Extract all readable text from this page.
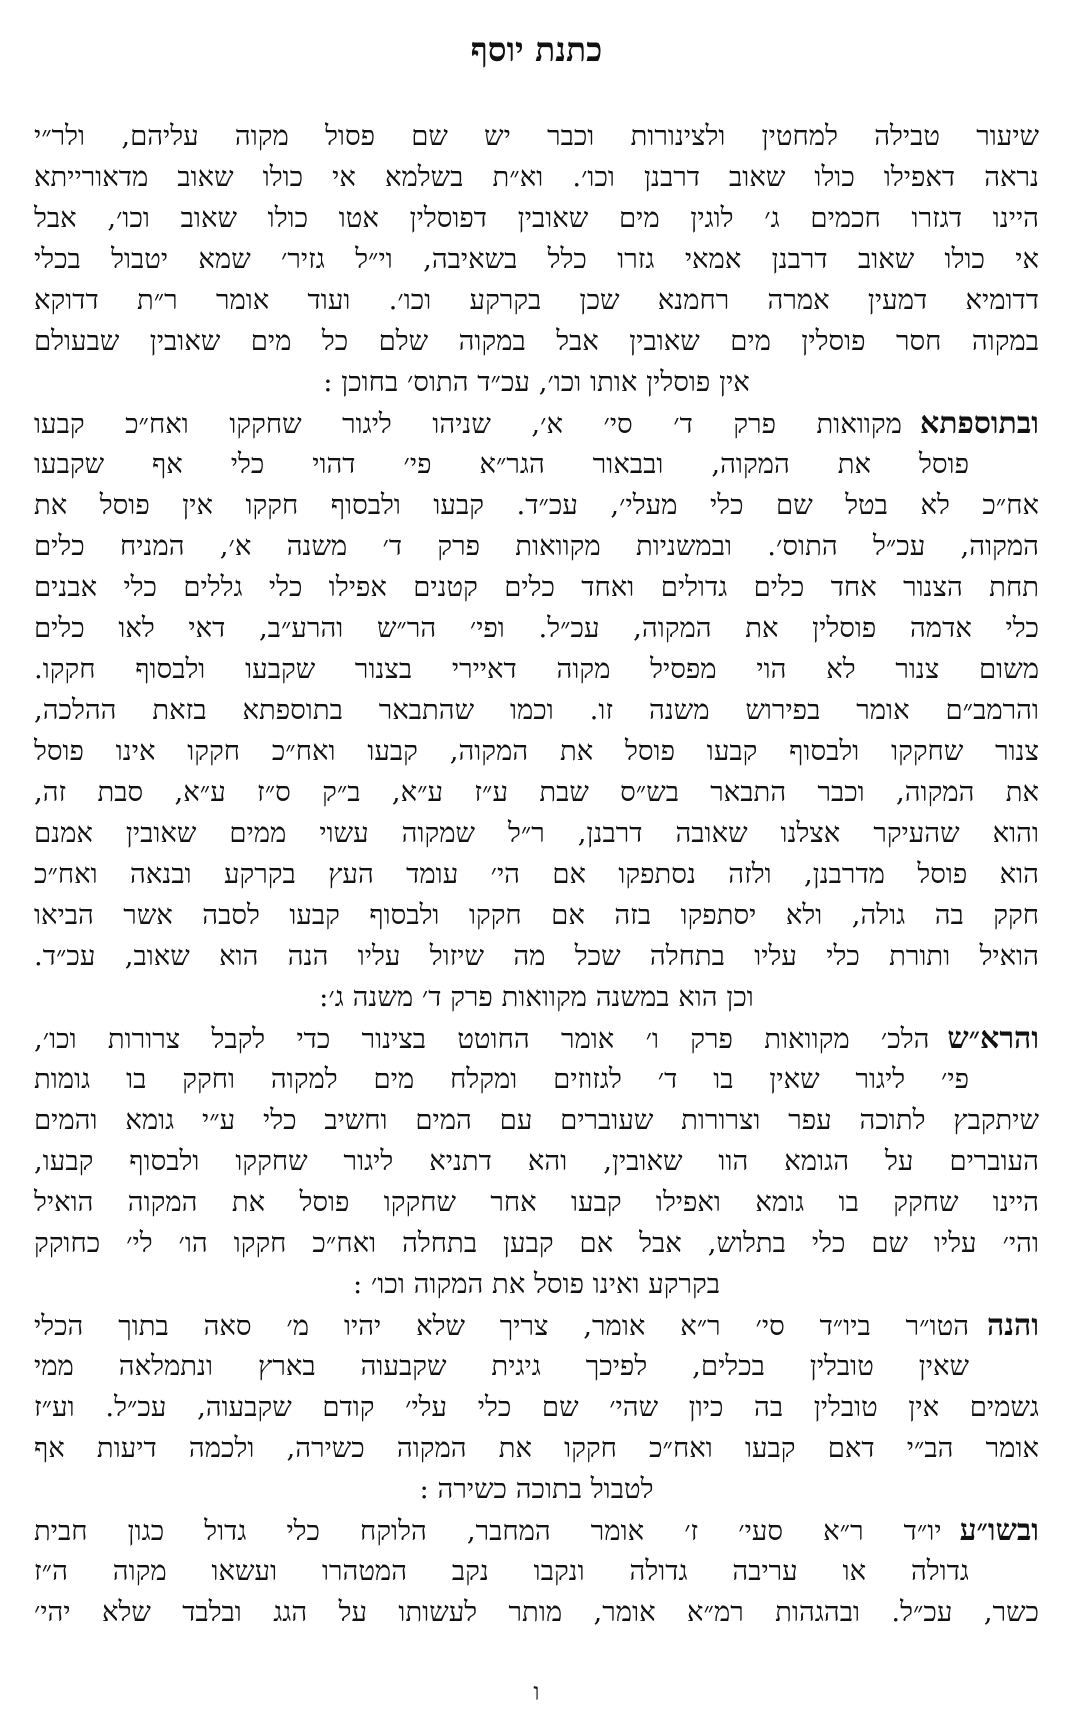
כתנת יוסף
שיעור טבילה למחטין ולצינורות וכבר יש שם פסול מקוה עליהם, ולר״י
נראה דאפילו כולו שאוב דרבנן וכו׳. וא״ת בשלמא אי כולו שאוב מדאורייתא
היינו דגזרו חכמים ג׳ לוגין מים שאובין דפוסלין אטו כולו שאוב וכו׳, אבל
אי כולו שאוב דרבנן אמאי גזרו כלל בשאיבה, וי״ל גזיר׳ שמא יטבול בכלי
דדומיא דמעין אמרה רחמנא שכן בקרקע וכו׳. ועוד אומר ר״ת דדוקא
במקוה חסר פוסלין מים שאובין אבל במקוה שלם כל מים שאובין שבעולם
אין פוסלין אותו וכו׳, עכ״ד התוס׳ בחוכן :
ובתוספתאמקוואות פרק ד׳ סי׳ א׳, שניהו ליגור שחקקו ואח״כ קבעו
פוסל את המקוה, ובבאור הגר״א פי׳ דהוי כלי אף שקבעו
אח״כ לא בטל שם כלי מעלי׳, עכ״ד. קבעו ולבסוף חקקו אין פוסל את
המקוה, עכ״ל התוס׳. ובמשניות מקוואות פרק ד׳ משנה א׳, המניח כלים
תחת הצנור אחד כלים גדולים ואחד כלים קטנים אפילו כלי גללים כלי אבנים
כלי אדמה פוסלין את המקוה, עכ״ל. ופי׳ הר״ש והרע״ב, דאי לאו כלים
משום צנור לא הוי מפסיל מקוה דאיירי בצנור שקבעו ולבסוף חקקו.
והרמב״ם אומר בפירוש משנה זו. וכמו שהתבאר בתוספתא בזאת ההלכה,
צנור שחקקו ולבסוף קבעו פוסל את המקוה, קבעו ואח״כ חקקו אינו פוסל
את המקוה, וכבר התבאר בש״ס שבת ע״ז ע״א, ב״ק ס״ז ע״א, סבת זה,
והוא שהעיקר אצלנו שאובה דרבנן, ר״ל שמקוה עשוי ממים שאובין אמנם
הוא פוסל מדרבנן, ולזה נסתפקו אם הי׳ עומד העץ בקרקע ובנאה ואח״כ
חקק בה גולה, ולא יסתפקו בזה אם חקקו ולבסוף קבעו לסבה אשר הביאו
הואיל ותורת כלי עליו בתחלה שכל מה שיזול עליו הנה הוא שאוב, עכ״ד.
וכן הוא במשנה מקוואות פרק ד׳ משנה ג׳:
והרא״שהלכ׳ מקוואות פרק ו׳ אומר החוטט בצינור כדי לקבל צרורות וכו׳,
פי׳ ליגור שאין בו ד׳ לגזוזים ומקלח מים למקוה וחקק בו גומות
שיתקבץ לתוכה עפר וצרורות שעוברים עם המים וחשיב כלי ע״י גומא והמים
העוברים על הגומא הוו שאובין, והא דתניא ליגור שחקקו ולבסוף קבעו,
היינו שחקק בו גומא ואפילו קבעו אחר שחקקו פוסל את המקוה הואיל
והי׳ עליו שם כלי בתלוש, אבל אם קבען בתחלה ואח״כ חקקו הו׳ לי׳ כחוקק
בקרקע ואינו פוסל את המקוה וכו׳ :
והנההטו״ר ביו״ד סי׳ ר״א אומר, צריך שלא יהיו מ׳ סאה בתוך הכלי
שאין טובלין בכלים, לפיכך גיגית שקבעוה בארץ ונתמלאה ממי
גשמים אין טובלין בה כיון שהי׳ שם כלי עלי׳ קודם שקבעוה, עכ״ל. וע״ז
אומר הב״י דאם קבעו ואח״כ חקקו את המקוה כשירה, ולכמה דיעות אף
לטבול בתוכה כשירה :
ובשו״עיו״ד ר״א סעי׳ ז׳ אומר המחבר, הלוקח כלי גדול כגון חבית
גדולה או עריבה גדולה ונקבו נקב המטהרו ועשאו מקוה ה״ז
כשר, עכ״ל. ובהגהות רמ״א אומר, מותר לעשותו על הגג ובלבד שלא יהי׳
ו
